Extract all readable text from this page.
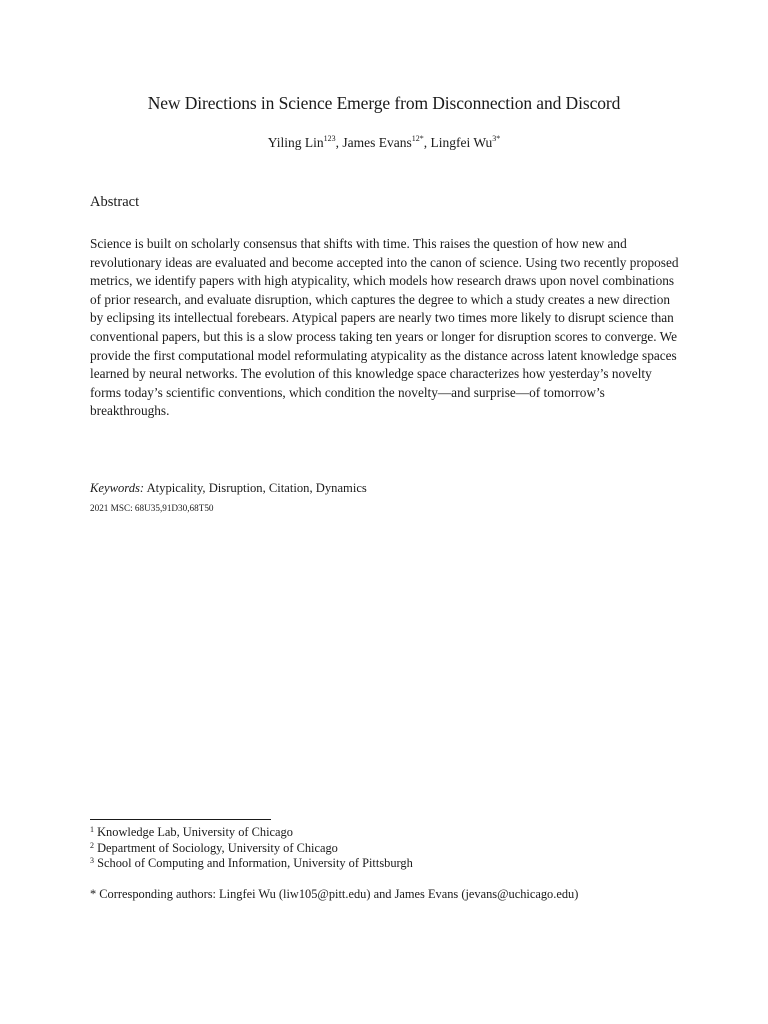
New Directions in Science Emerge from Disconnection and Discord
Yiling Lin$^{123}$, James Evans$^{12*}$, Lingfei $Wu^{3*}$
Abstract

Science is built on scholarly consensus that shifts with time. This raises the question of how new and revolutionary ideas are evaluated and become accepted into the canon of science. Using two recently proposed metrics, we identify papers with high atypicality, which models how research draws upon novel combinations of prior research, and evaluate disruption, which captures the degree to which a study creates a new direction by eclipsing its intellectual forebears. Atypical papers are nearly two times more likely to disrupt science than conventional papers, but this is a slow process taking ten years or longer for disruption scores to converge. We provide the first computational model reformulating atypicality as the distance across latent knowledge spaces learned by neural networks. The evolution of this knowledge space characterizes how yesterday’s novelty forms today’s scientific conventions, which condition the novelty—and surprise—of tomorrow’s breakthroughs.

Keywords: Atypicality, Disruption, Citation, Dynamics
2021 MSC: 68U35,91D30,68T50
$^1$ Knowledge Lab, University of Chicago
$^2$ Department of Sociology, University of Chicago
$^3$ School of Computing and Information, University of Pittsburgh
* Corresponding authors: Lingfei Wu (liw105@pitt.edu) and James Evans (jevans@uchicago.edu)
